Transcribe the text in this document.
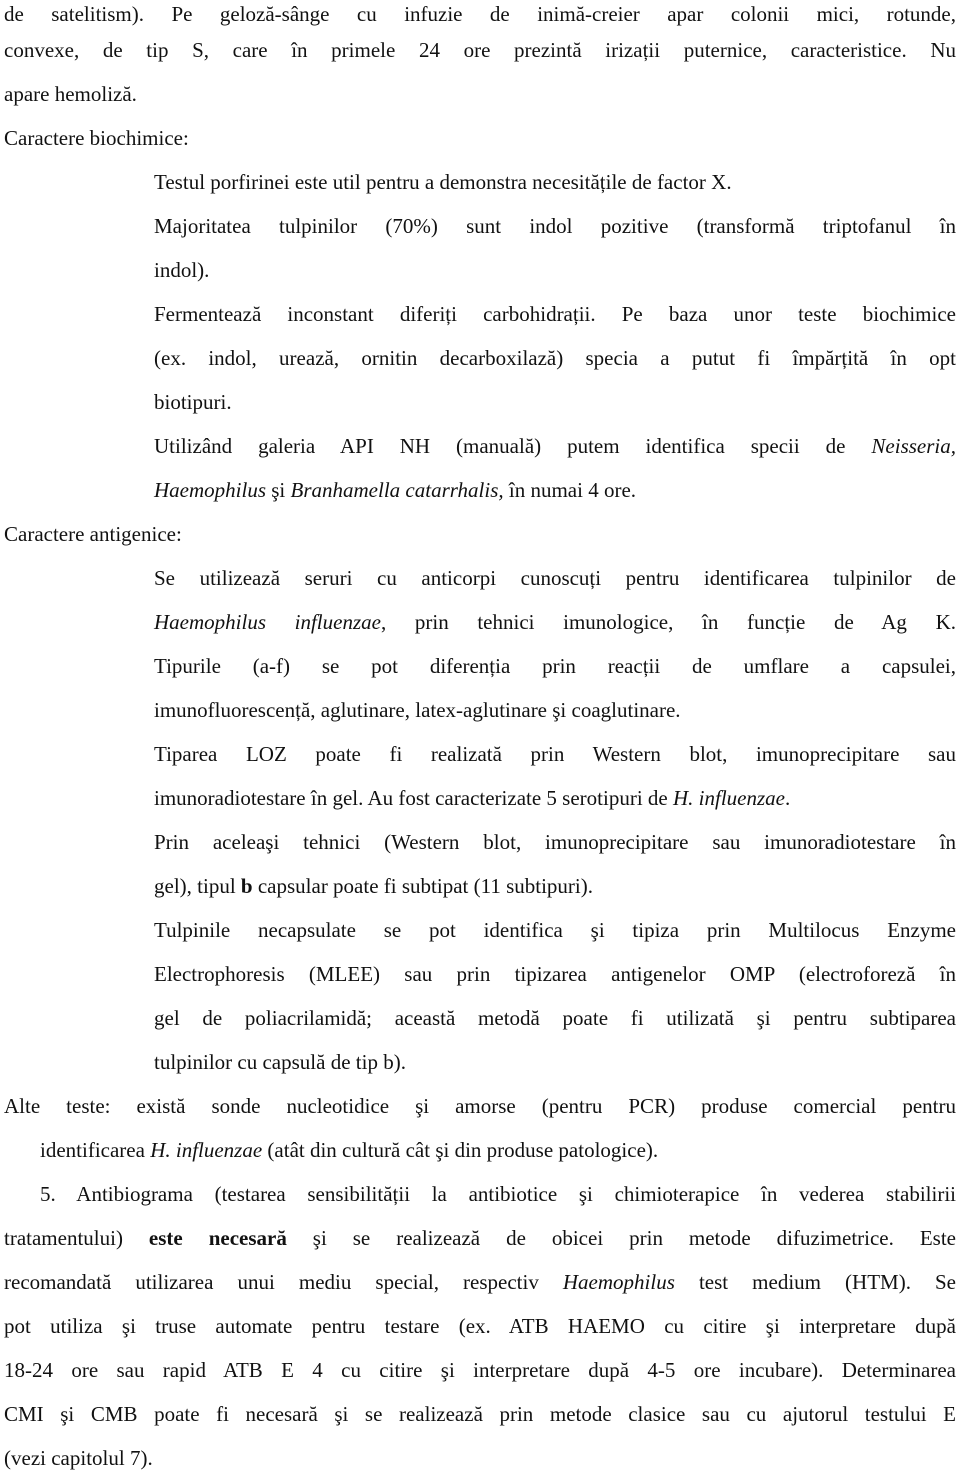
de satelitism). Pe geloză-sânge cu infuzie de inimă-creier apar colonii mici, rotunde,
convexe, de tip S, care în primele 24 ore prezintă irizații puternice, caracteristice. Nu
apare hemoliză.
Caractere biochimice:
Testul porfirinei este util pentru a demonstra necesitățile de factor X.
Majoritatea tulpinilor (70%) sunt indol pozitive (transformă triptofanul în
indol).
Fermentează inconstant diferiți carbohidrații. Pe baza unor teste biochimice
(ex. indol, urează, ornitin decarboxilază) specia a putut fi împărțită în opt
biotipuri.
Utilizând galeria API NH (manuală) putem identifica specii de Neisseria,
Haemophilus şi Branhamella catarrhalis, în numai 4 ore.
Caractere antigenice:
Se utilizează seruri cu anticorpi cunoscuți pentru identificarea tulpinilor de
Haemophilus influenzae, prin tehnici imunologice, în funcție de Ag K.
Tipurile (a-f) se pot diferenția prin reacții de umflare a capsulei,
imunofluorescență, aglutinare, latex-aglutinare şi coaglutinare.
Tiparea LOZ poate fi realizată prin Western blot, imunoprecipitare sau
imunoradiotestare în gel. Au fost caracterizate 5 serotipuri de H. influenzae.
Prin aceleaşi tehnici (Western blot, imunoprecipitare sau imunoradiotestare în
gel), tipul b capsular poate fi subtipat (11 subtipuri).
Tulpinile necapsulate se pot identifica şi tipiza prin Multilocus Enzyme
Electrophoresis (MLEE) sau prin tipizarea antigenelor OMP (electroforeză în
gel de poliacrilamidă; această metodă poate fi utilizată şi pentru subtiparea
tulpinilor cu capsulă de tip b).
Alte teste: există sonde nucleotidice şi amorse (pentru PCR) produse comercial pentru
identificarea H. influenzae (atât din cultură cât şi din produse patologice).
5. Antibiograma (testarea sensibilității la antibiotice şi chimioterapice în vederea stabilirii
tratamentului) este necesară şi se realizează de obicei prin metode difuzimetrice. Este
recomandată utilizarea unui mediu special, respectiv Haemophilus test medium (HTM). Se
pot utiliza şi truse automate pentru testare (ex. ATB HAEMO cu citire şi interpretare după
18-24 ore sau rapid ATB E 4 cu citire şi interpretare după 4-5 ore incubare). Determinarea
CMI şi CMB poate fi necesară şi se realizează prin metode clasice sau cu ajutorul testului E
(vezi capitolul 7).
